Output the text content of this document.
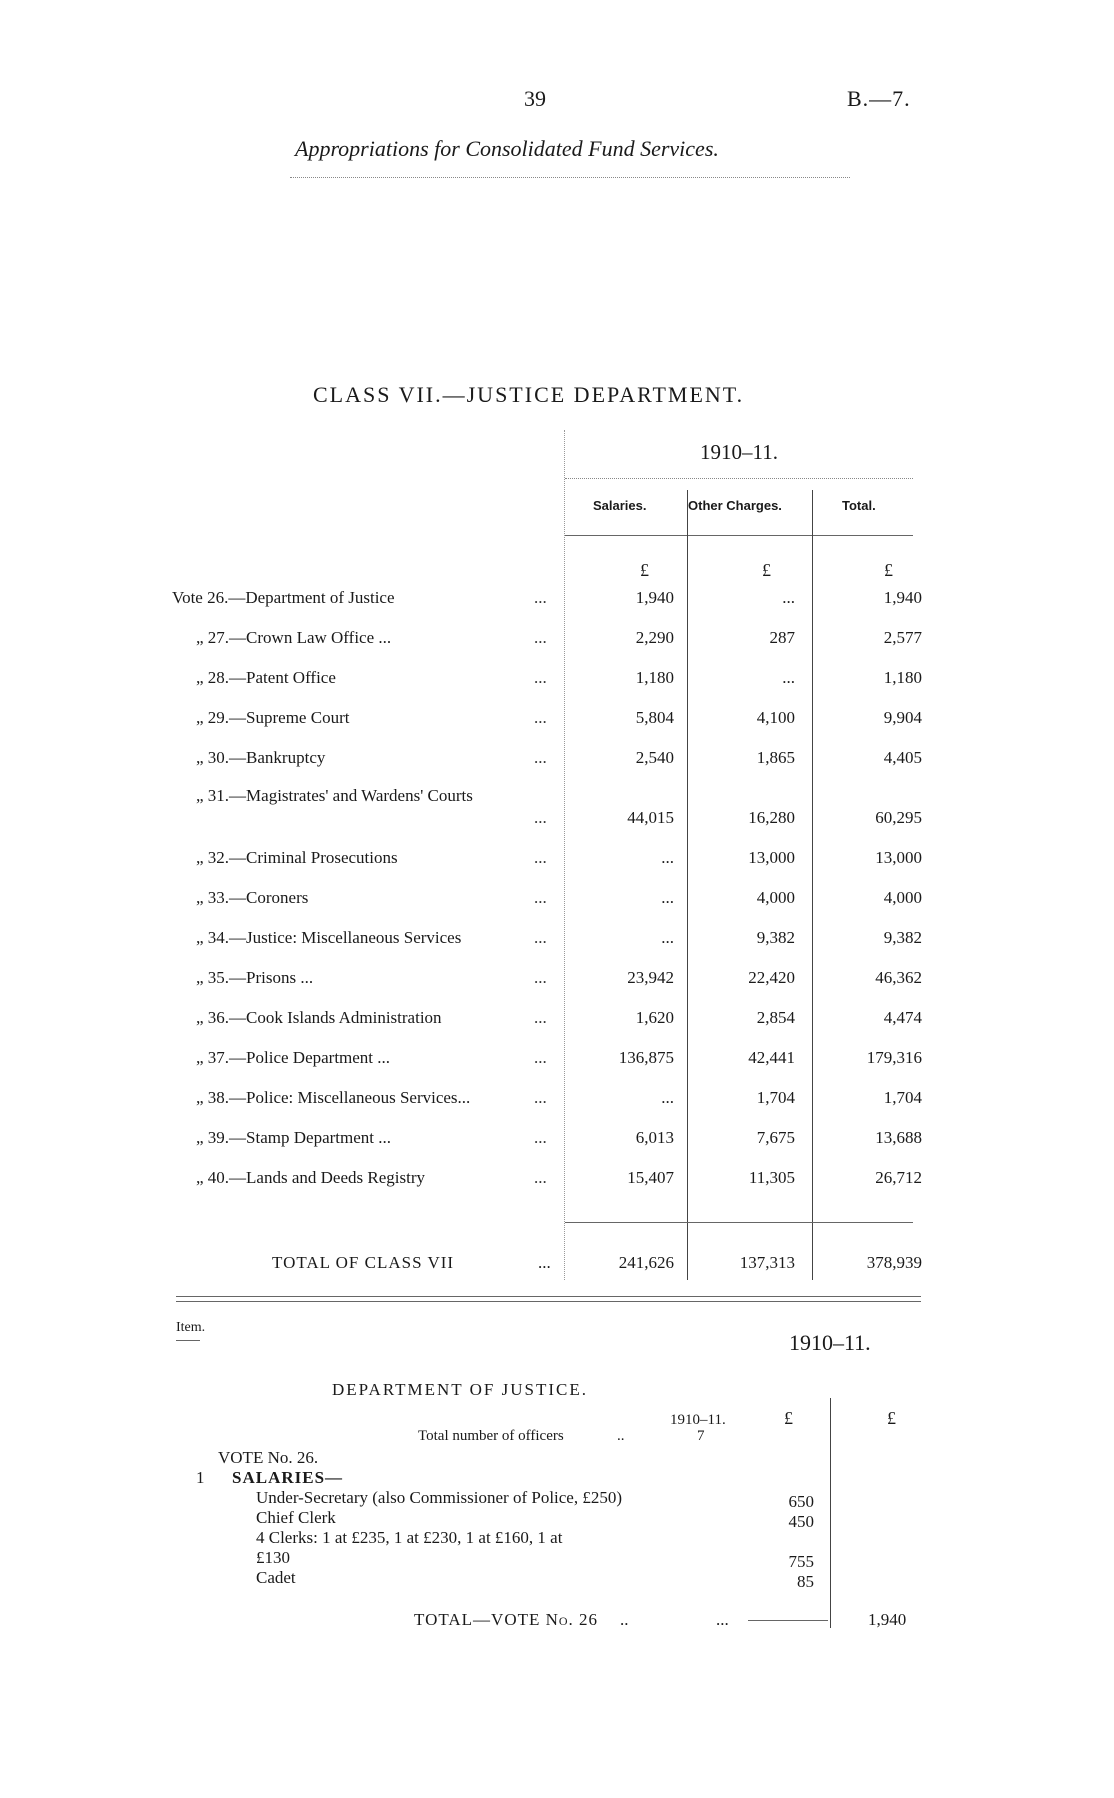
39	B.—7.
Appropriations for Consolidated Fund Services.
CLASS VII.—JUSTICE DEPARTMENT.
1910–11.
Salaries.	Other Charges.	Total.
£	£	£
Vote 26.—Department of Justice	...	1,940	...	1,940
„ 27.—Crown Law Office ...	...	2,290	287	2,577
„ 28.—Patent Office	...	1,180	...	1,180
„ 29.—Supreme Court	...	5,804	4,100	9,904
„ 30.—Bankruptcy	...	2,540	1,865	4,405
„ 31.—Magistrates' and Wardens' Courts
...	44,015	16,280	60,295
„ 32.—Criminal Prosecutions	...	...	13,000	13,000
„ 33.—Coroners	...	...	4,000	4,000
„ 34.—Justice: Miscellaneous Services	...	...	9,382	9,382
„ 35.—Prisons ...	...	23,942	22,420	46,362
„ 36.—Cook Islands Administration	...	1,620	2,854	4,474
„ 37.—Police Department ...	...	136,875	42,441	179,316
„ 38.—Police: Miscellaneous Services...	...	...	1,704	1,704
„ 39.—Stamp Department ...	...	6,013	7,675	13,688
„ 40.—Lands and Deeds Registry	...	15,407	11,305	26,712
TOTAL OF CLASS VII	...	241,626	137,313	378,939
Item.
1910–11.
DEPARTMENT OF JUSTICE.
1910–11.
Total number of officers	..	7
£	£
VOTE No. 26.
1 SALARIES—
Under-Secretary (also Commissioner of Police, £250)	650
Chief Clerk	450
4 Clerks: 1 at £235, 1 at £230, 1 at £160, 1 at
£130	755
Cadet	85
TOTAL—VOTE No. 26 ..	...	1,940
